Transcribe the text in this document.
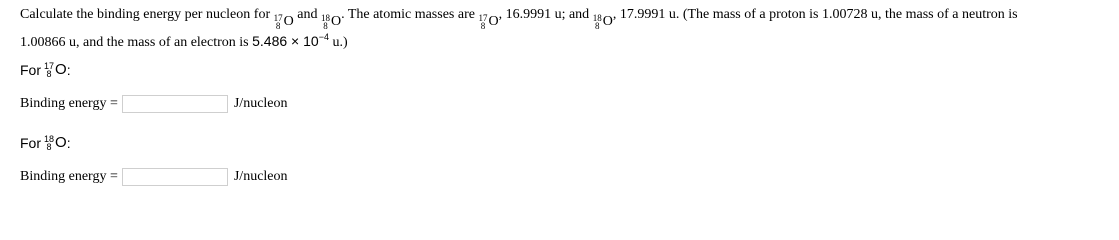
Calculate the binding energy per nucleon for 17
8 O and 18
8 O . The atomic masses are 17
8 O , 16.9991 u; and 18
8 O , 17.9991 u. (The mass of a proton is 1.00728 u, the mass of a neutron is
1.00866 u, and the mass of an electron is $5.486 \times 10^{-4}$ u.)
For 17
8 O :
Binding energy =	J/nucleon
For 18
8 O :
Binding energy =	J/nucleon
